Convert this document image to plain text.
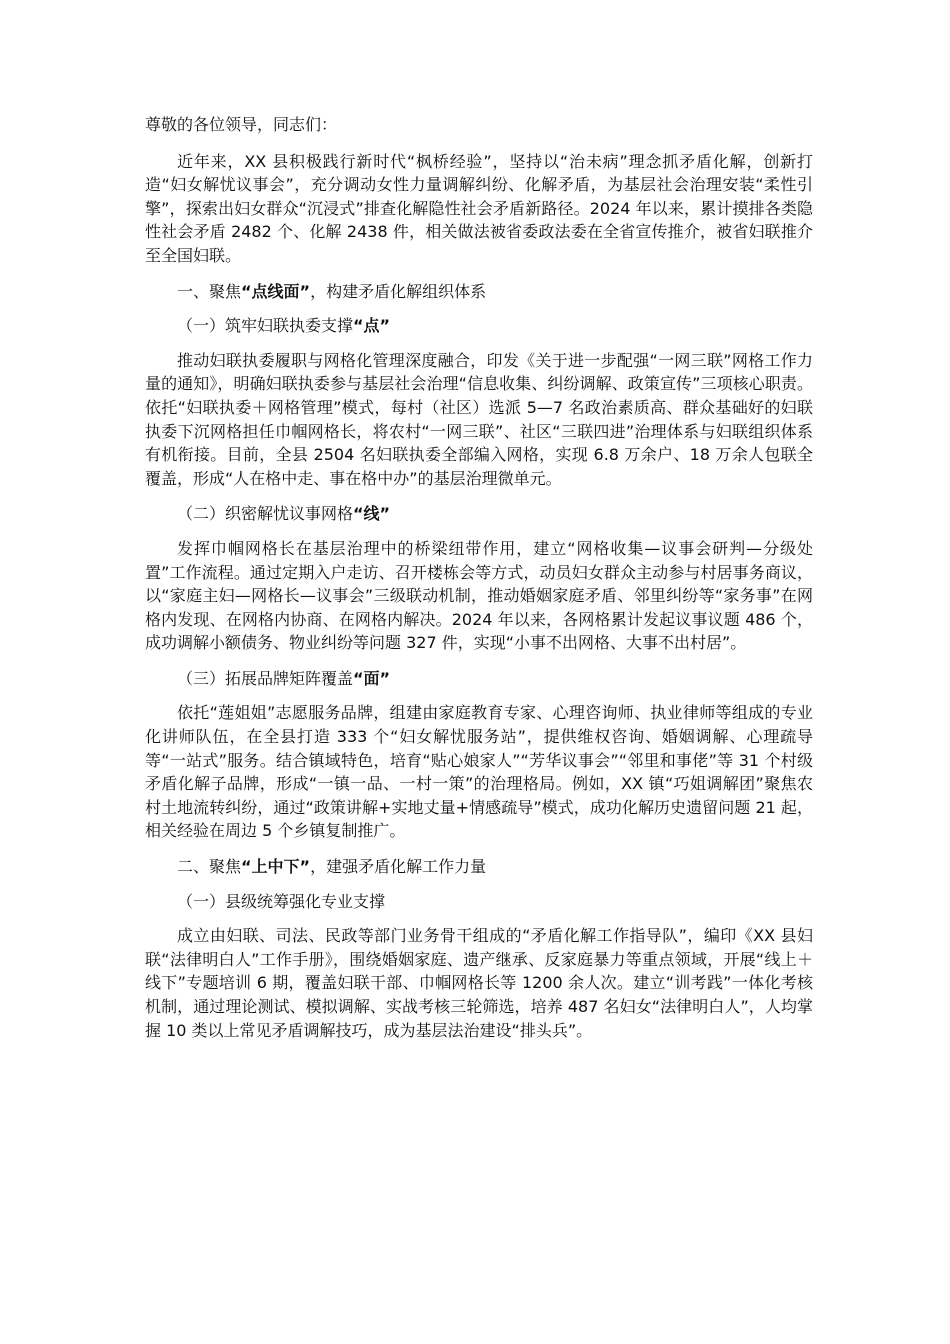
尊敬的各位领导，同志们：

近年来，XX 县积极践行新时代“枫桥经验”，坚持以“治未病”理念抓矛盾化解，创新打造“妇女解忧议事会”，充分调动女性力量调解纠纷、化解矛盾，为基层社会治理安装“柔性引擎”，探索出妇女群众“沉浸式”排查化解隐性社会矛盾新路径。2024 年以来，累计摸排各类隐性社会矛盾 2482 个、化解 2438 件，相关做法被省委政法委在全省宣传推介，被省妇联推介至全国妇联。

一、聚焦“点线面”，构建矛盾化解组织体系

（一）筑牢妇联执委支撑“点”

推动妇联执委履职与网格化管理深度融合，印发《关于进一步配强“一网三联”网格工作力量的通知》，明确妇联执委参与基层社会治理“信息收集、纠纷调解、政策宣传”三项核心职责。依托“妇联执委＋网格管理”模式，每村（社区）选派 5—7 名政治素质高、群众基础好的妇联执委下沉网格担任巾帼网格长，将农村“一网三联”、社区“三联四进”治理体系与妇联组织体系有机衔接。目前，全县 2504 名妇联执委全部编入网格，实现 6.8 万余户、18 万余人包联全覆盖，形成“人在格中走、事在格中办”的基层治理微单元。

（二）织密解忧议事网格“线”

发挥巾帼网格长在基层治理中的桥梁纽带作用，建立“网格收集—议事会研判—分级处置”工作流程。通过定期入户走访、召开楼栋会等方式，动员妇女群众主动参与村居事务商议，以“家庭主妇—网格长—议事会”三级联动机制，推动婚姻家庭矛盾、邻里纠纷等“家务事”在网格内发现、在网格内协商、在网格内解决。2024 年以来，各网格累计发起议事议题 486 个，成功调解小额债务、物业纠纷等问题 327 件，实现“小事不出网格、大事不出村居”。

（三）拓展品牌矩阵覆盖“面”

依托“莲姐姐”志愿服务品牌，组建由家庭教育专家、心理咨询师、执业律师等组成的专业化讲师队伍，在全县打造 333 个“妇女解忧服务站”，提供维权咨询、婚姻调解、心理疏导等“一站式”服务。结合镇域特色，培育“贴心娘家人”“芳华议事会”“邻里和事佬”等 31 个村级矛盾化解子品牌，形成“一镇一品、一村一策”的治理格局。例如，XX 镇“巧姐调解团”聚焦农村土地流转纠纷，通过“政策讲解+实地丈量+情感疏导”模式，成功化解历史遗留问题 21 起，相关经验在周边 5 个乡镇复制推广。

二、聚焦“上中下”，建强矛盾化解工作力量

（一）县级统筹强化专业支撑

成立由妇联、司法、民政等部门业务骨干组成的“矛盾化解工作指导队”，编印《XX 县妇联“法律明白人”工作手册》，围绕婚姻家庭、遗产继承、反家庭暴力等重点领域，开展“线上＋线下”专题培训 6 期，覆盖妇联干部、巾帼网格长等 1200 余人次。建立“训考践”一体化考核机制，通过理论测试、模拟调解、实战考核三轮筛选，培养 487 名妇女“法律明白人”，人均掌握 10 类以上常见矛盾调解技巧，成为基层法治建设“排头兵”。
